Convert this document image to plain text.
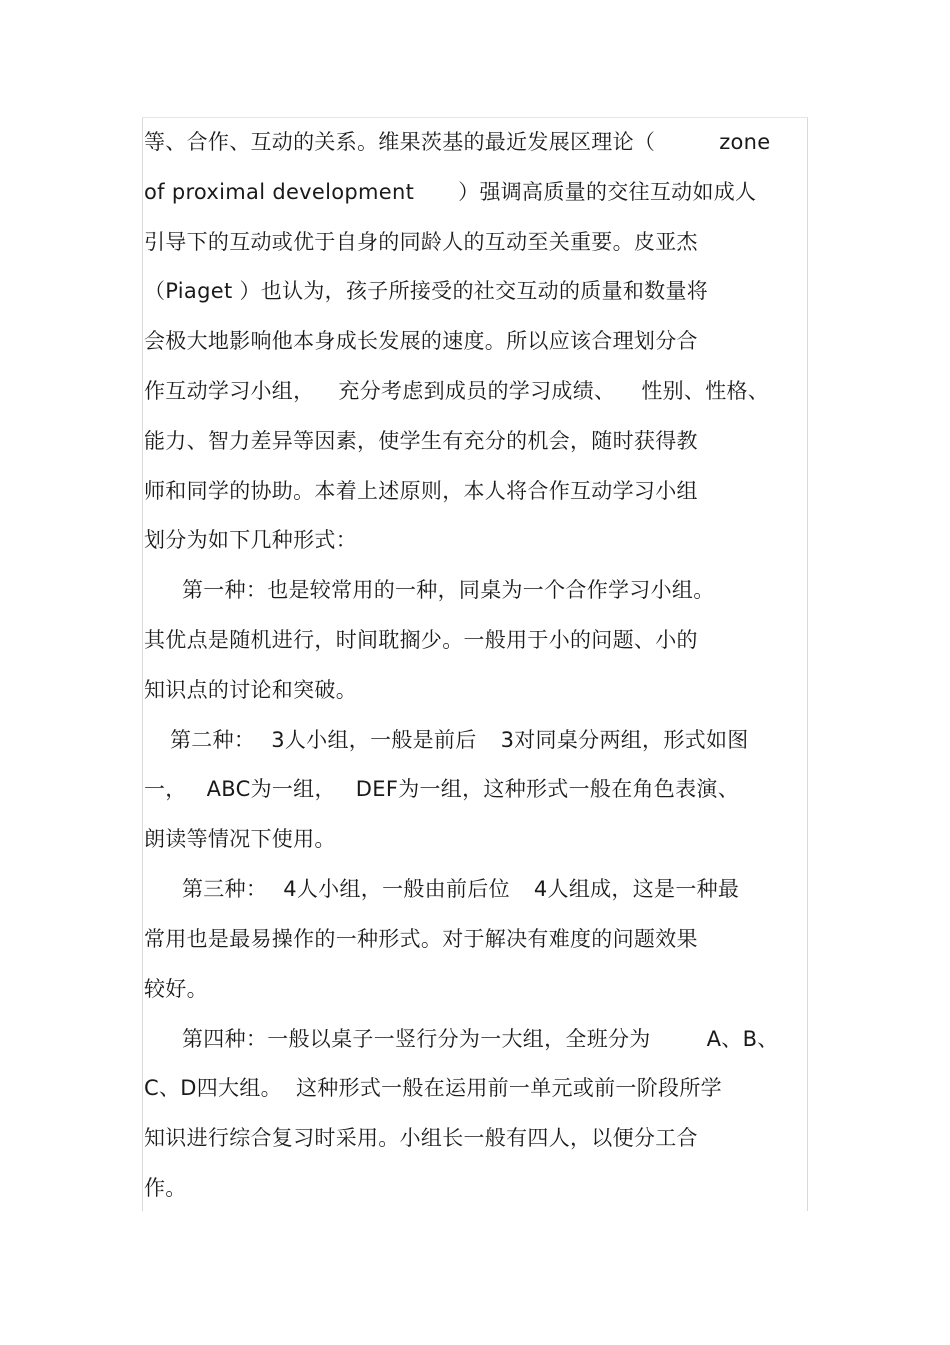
等、合作、互动的关系。维果茨基的最近发展区理论（	zone
of proximal development ）强调高质量的交往互动如成人
引导下的互动或优于自身的同龄人的互动至关重要。皮亚杰
（Piaget ）也认为，孩子所接受的社交互动的质量和数量将
会极大地影响他本身成长发展的速度。所以应该合理划分合
作互动学习小组， 充分考虑到成员的学习成绩、 性别、性格、
能力、智力差异等因素，使学生有充分的机会，随时获得教
师和同学的协助。本着上述原则，本人将合作互动学习小组
划分为如下几种形式：
第一种：也是较常用的一种，同桌为一个合作学习小组。
其优点是随机进行，时间耽搁少。一般用于小的问题、小的
知识点的讨论和突破。
第二种： 3人小组，一般是前后 3对同桌分两组，形式如图
一， ABC为一组， DEF为一组，这种形式一般在角色表演、
朗读等情况下使用。
第三种： 4人小组，一般由前后位 4人组成，这是一种最
常用也是最易操作的一种形式。对于解决有难度的问题效果
较好。
第四种：一般以桌子一竖行分为一大组，全班分为	A、B、
C、D四大组。 这种形式一般在运用前一单元或前一阶段所学
知识进行综合复习时采用。小组长一般有四人，以便分工合
作。
